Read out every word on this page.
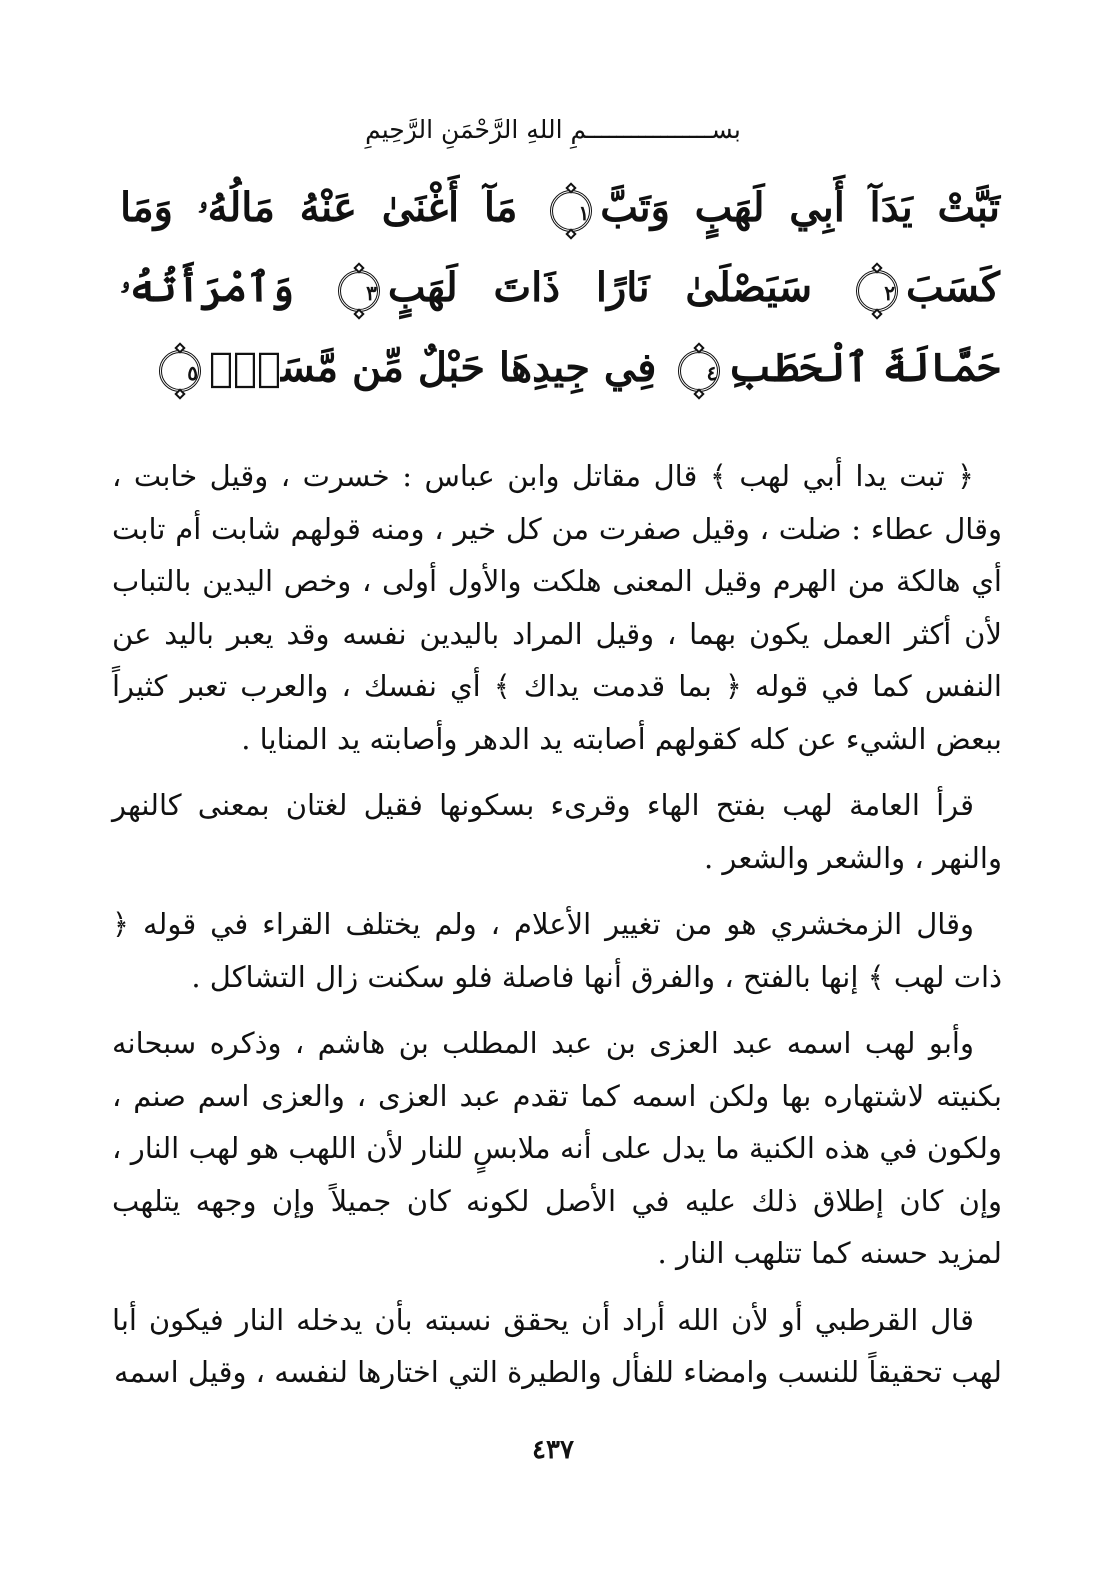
بســـــــــــــــــمِ اللهِ الرَّحْمَنِ الرَّحِيمِ
تَبَّتْ يَدَآ أَبِي لَهَبٍ وَتَبَّ١ مَآ أَغْنَىٰ عَنْهُ مَالُهُۥ وَمَا كَسَبَ٢ سَيَصْلَىٰ نَارًا ذَاتَ لَهَبٍ٣ وَٱمْرَأَتُهُۥ حَمَّالَةَ ٱلْحَطَبِ٤ فِي جِيدِهَا حَبْلٌ مِّن مَّسَدٍۭ٥

﴿ تبت يدا أبي لهب ﴾ قال مقاتل وابن عباس : خسرت ، وقيل خابت ، وقال عطاء : ضلت ، وقيل صفرت من كل خير ، ومنه قولهم شابت أم تابت أي هالكة من الهرم وقيل المعنى هلكت والأول أولى ، وخص اليدين بالتباب لأن أكثر العمل يكون بهما ، وقيل المراد باليدين نفسه وقد يعبر باليد عن النفس كما في قوله ﴿ بما قدمت يداك ﴾ أي نفسك ، والعرب تعبر كثيراً ببعض الشيء عن كله كقولهم أصابته يد الدهر وأصابته يد المنايا .

قرأ العامة لهب بفتح الهاء وقرىء بسكونها فقيل لغتان بمعنى كالنهر والنهر ، والشعر والشعر .

وقال الزمخشري هو من تغيير الأعلام ، ولم يختلف القراء في قوله ﴿ ذات لهب ﴾ إنها بالفتح ، والفرق أنها فاصلة فلو سكنت زال التشاكل .

وأبو لهب اسمه عبد العزى بن عبد المطلب بن هاشم ، وذكره سبحانه بكنيته لاشتهاره بها ولكن اسمه كما تقدم عبد العزى ، والعزى اسم صنم ، ولكون في هذه الكنية ما يدل على أنه ملابسٍ للنار لأن اللهب هو لهب النار ، وإن كان إطلاق ذلك عليه في الأصل لكونه كان جميلاً وإن وجهه يتلهب لمزيد حسنه كما تتلهب النار .

قال القرطبي أو لأن الله أراد أن يحقق نسبته بأن يدخله النار فيكون أبا لهب تحقيقاً للنسب وامضاء للفأل والطيرة التي اختارها لنفسه ، وقيل اسمه

٤٣٧
